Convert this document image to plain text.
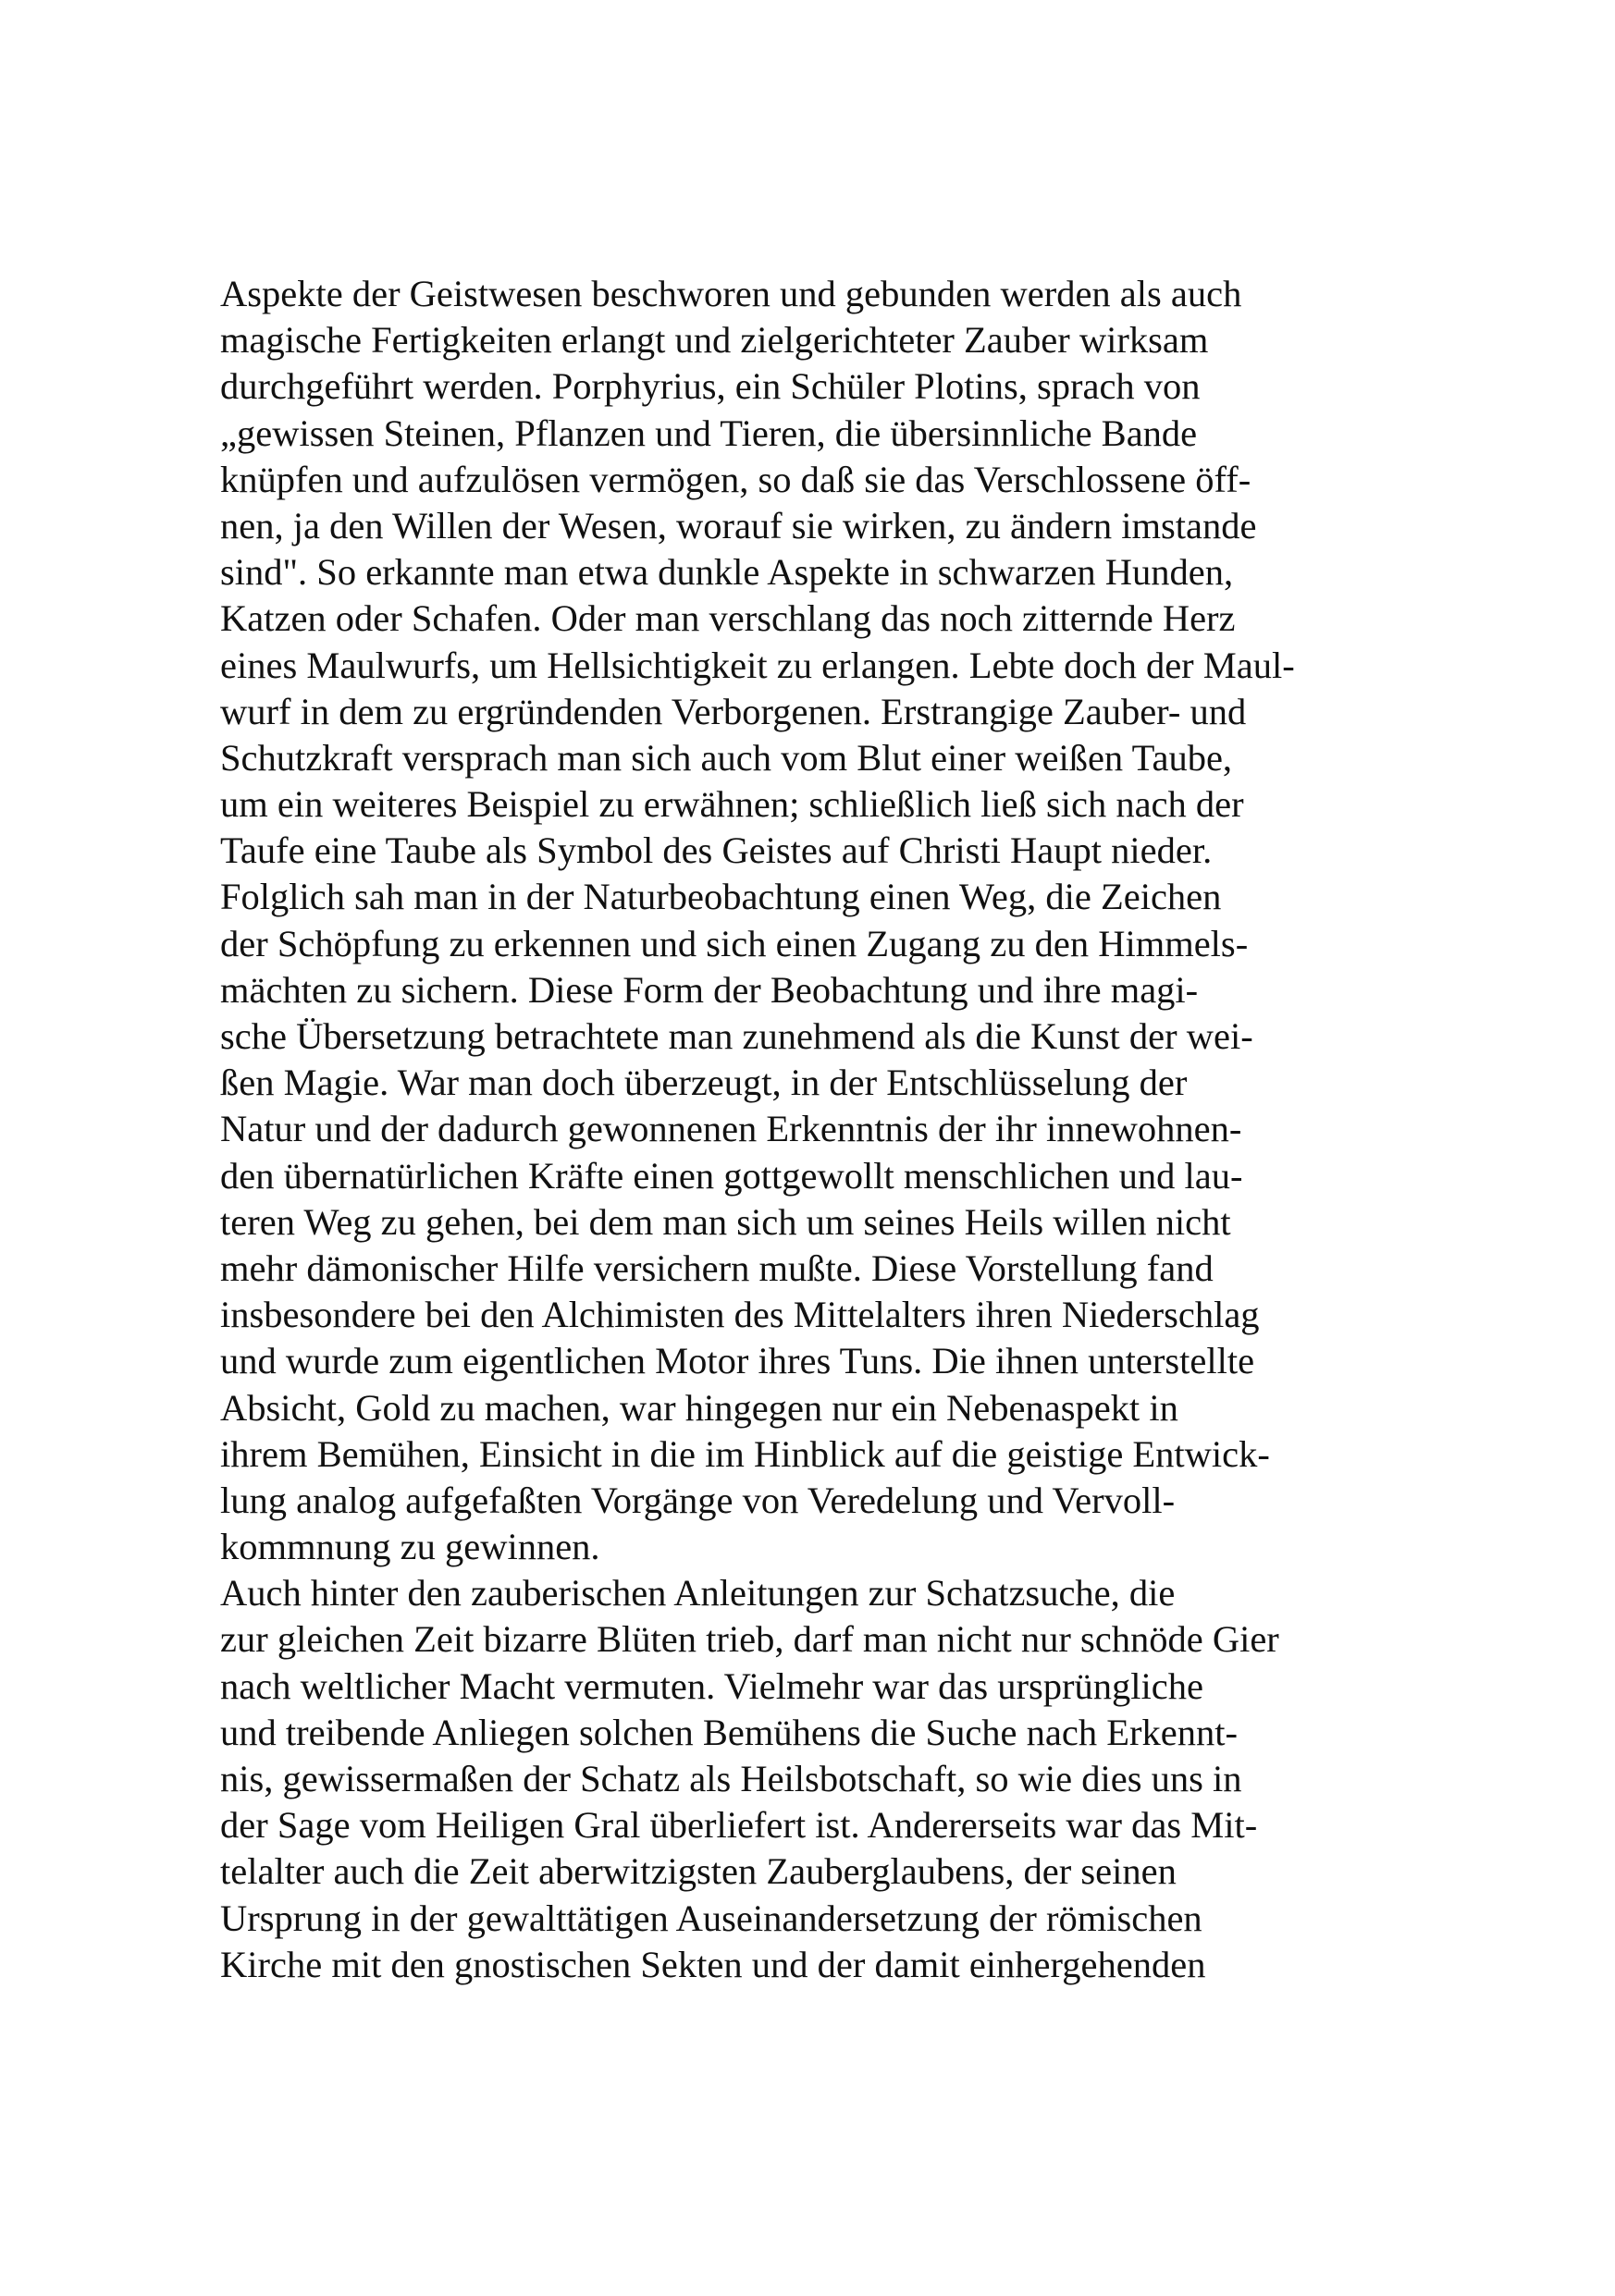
Aspekte der Geistwesen beschworen und gebunden werden als auch
magische Fertigkeiten erlangt und zielgerichteter Zauber wirksam
durchgeführt werden. Porphyrius, ein Schüler Plotins, sprach von
„gewissen Steinen, Pflanzen und Tieren, die übersinnliche Bande
knüpfen und aufzulösen vermögen, so daß sie das Verschlossene öff-
nen, ja den Willen der Wesen, worauf sie wirken, zu ändern imstande
sind". So erkannte man etwa dunkle Aspekte in schwarzen Hunden,
Katzen oder Schafen. Oder man verschlang das noch zitternde Herz
eines Maulwurfs, um Hellsichtigkeit zu erlangen. Lebte doch der Maul-
wurf in dem zu ergründenden Verborgenen. Erstrangige Zauber- und
Schutzkraft versprach man sich auch vom Blut einer weißen Taube,
um ein weiteres Beispiel zu erwähnen; schließlich ließ sich nach der
Taufe eine Taube als Symbol des Geistes auf Christi Haupt nieder.
Folglich sah man in der Naturbeobachtung einen Weg, die Zeichen
der Schöpfung zu erkennen und sich einen Zugang zu den Himmels-
mächten zu sichern. Diese Form der Beobachtung und ihre magi-
sche Übersetzung betrachtete man zunehmend als die Kunst der wei-
ßen Magie. War man doch überzeugt, in der Entschlüsselung der
Natur und der dadurch gewonnenen Erkenntnis der ihr innewohnen-
den übernatürlichen Kräfte einen gottgewollt menschlichen und lau-
teren Weg zu gehen, bei dem man sich um seines Heils willen nicht
mehr dämonischer Hilfe versichern mußte. Diese Vorstellung fand
insbesondere bei den Alchimisten des Mittelalters ihren Niederschlag
und wurde zum eigentlichen Motor ihres Tuns. Die ihnen unterstellte
Absicht, Gold zu machen, war hingegen nur ein Nebenaspekt in
ihrem Bemühen, Einsicht in die im Hinblick auf die geistige Entwick-
lung analog aufgefaßten Vorgänge von Veredelung und Vervoll-
kommnung zu gewinnen.
Auch hinter den zauberischen Anleitungen zur Schatzsuche, die
zur gleichen Zeit bizarre Blüten trieb, darf man nicht nur schnöde Gier
nach weltlicher Macht vermuten. Vielmehr war das ursprüngliche
und treibende Anliegen solchen Bemühens die Suche nach Erkennt-
nis, gewissermaßen der Schatz als Heilsbotschaft, so wie dies uns in
der Sage vom Heiligen Gral überliefert ist. Andererseits war das Mit-
telalter auch die Zeit aberwitzigsten Zauberglaubens, der seinen
Ursprung in der gewalttätigen Auseinandersetzung der römischen
Kirche mit den gnostischen Sekten und der damit einhergehenden
